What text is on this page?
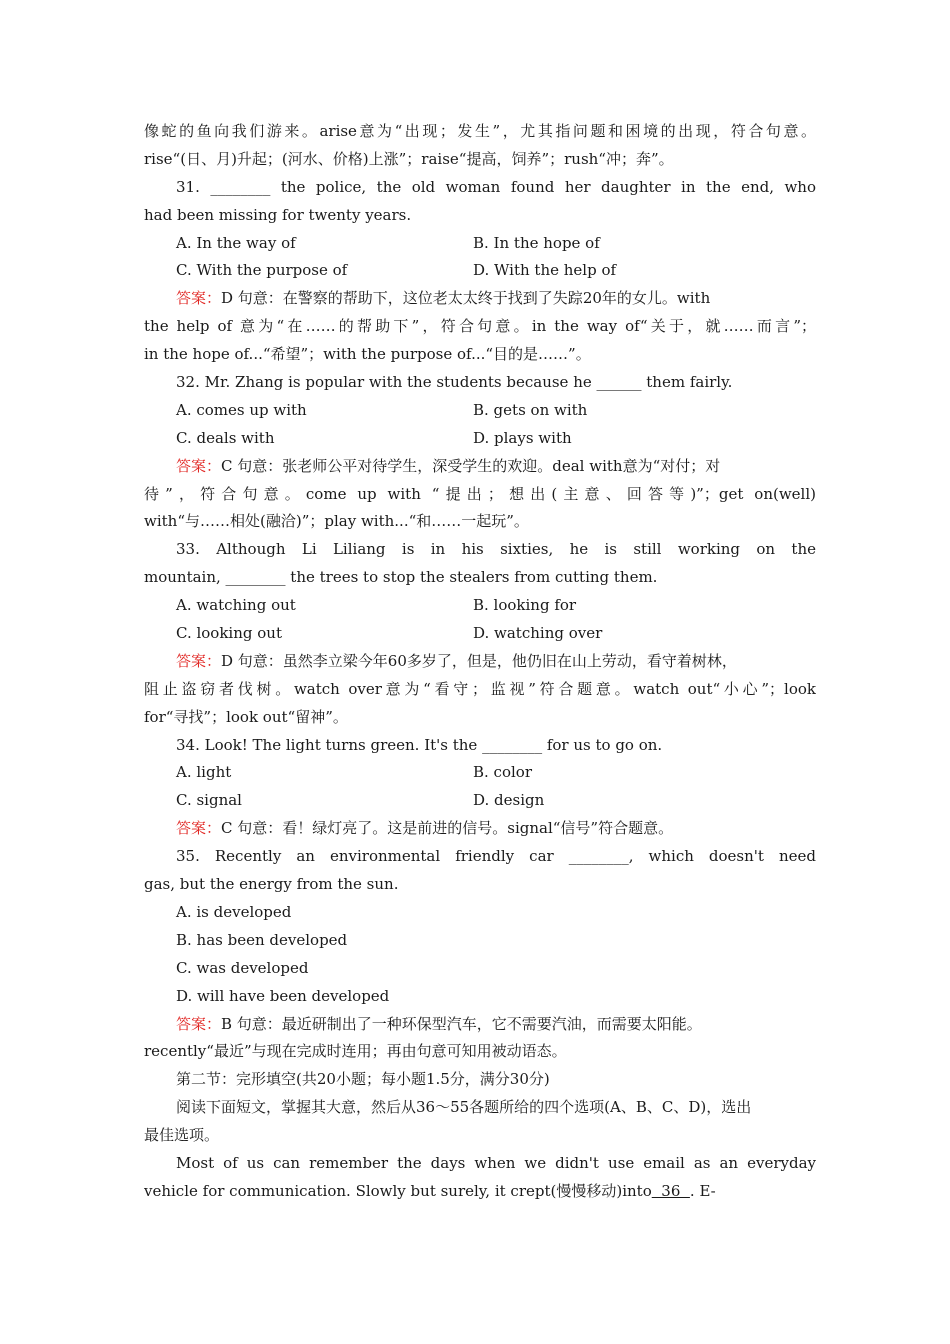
像蛇的鱼向我们游来。arise意为“出现；发生”，尤其指问题和困境的出现，符合句意。
rise“(日、月)升起；(河水、价格)上涨”；raise“提高，饲养”；rush“冲；奔”。
31. ________ the police, the old woman found her daughter in the end, who
had been missing for twenty years.
A. In the way of	B. In the hope of
C. With the purpose of	D. With the help of
答案：D 句意：在警察的帮助下，这位老太太终于找到了失踪20年的女儿。with
the help of 意为“在……的帮助下”，符合句意。in the way of“关于，就……而言”；
in the hope of...“希望”；with the purpose of...“目的是……”。
32. Mr. Zhang is popular with the students because he ______ them fairly.
A. comes up with	B. gets on with
C. deals with	D. plays with
答案：C 句意：张老师公平对待学生，深受学生的欢迎。deal with意为“对付；对
待”，符合句意。come up with “提出；想出(主意、回答等)”；get on(well)
with“与……相处(融洽)”；play with...“和……一起玩”。
33. Although Li Liliang is in his sixties, he is still working on the
mountain, ________ the trees to stop the stealers from cutting them.
A. watching out	B. looking for
C. looking out	D. watching over
答案：D 句意：虽然李立梁今年60多岁了，但是，他仍旧在山上劳动，看守着树林，
阻止盗窃者伐树。watch over意为“看守；监视”符合题意。watch out“小心”；look
for“寻找”；look out“留神”。
34. Look! The light turns green. It's the ________ for us to go on.
A. light	B. color
C. signal	D. design
答案：C 句意：看！绿灯亮了。这是前进的信号。signal“信号”符合题意。
35. Recently an environmental friendly car ________, which doesn't need
gas, but the energy from the sun.
A. is developed
B. has been developed
C. was developed
D. will have been developed
答案：B 句意：最近研制出了一种环保型汽车，它不需要汽油，而需要太阳能。
recently“最近”与现在完成时连用；再由句意可知用被动语态。
第二节：完形填空(共20小题；每小题1.5分，满分30分)
阅读下面短文，掌握其大意，然后从36～55各题所给的四个选项(A、B、C、D)，选出
最佳选项。
Most of us can remember the days when we didn't use email as an everyday
vehicle for communication. Slowly but surely, it crept(慢慢移动)into  36  . E-
